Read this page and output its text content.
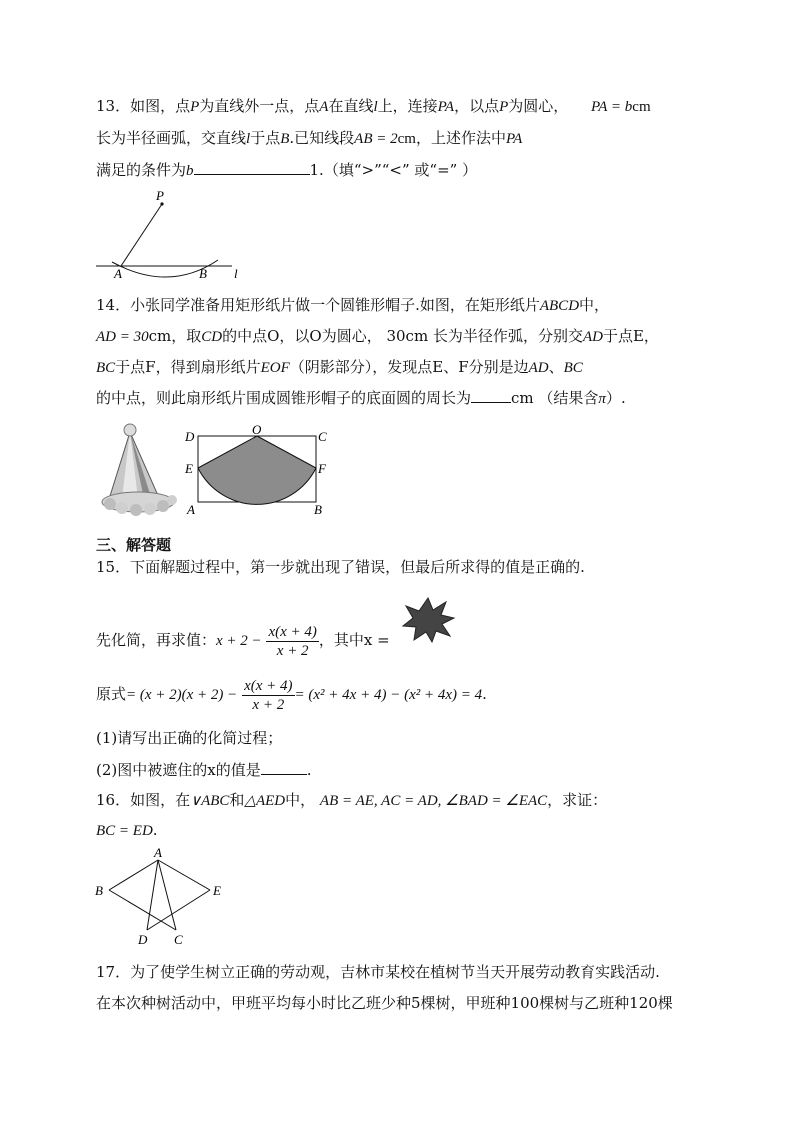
13．如图，点P为直线外一点，点A在直线l上，连接PA，以点P为圆心， PA = bcm
长为半径画弧，交直线l于点B.已知线段AB = 2cm，上述作法中PA
满足的条件为b	1.（填“>”“<” 或“=” ）
P
A	B l
14．小张同学准备用矩形纸片做一个圆锥形帽子.如图，在矩形纸片ABCD中，
AD = 30cm，取CD的中点O，以O为圆心， 30cm 长为半径作弧，分别交AD于点E，
BC于点F，得到扇形纸片EOF（阴影部分），发现点E、F分别是边AD、BC
的中点，则此扇形纸片围成圆锥形帽子的底面圆的周长为	cm （结果含π）.
D	O	C
E	F
A	B
三、解答题
15．下面解题过程中，第一步就出现了错误，但最后所求得的值是正确的.
先化简，再求值：$x + 2 - \frac{x(x + 4)}{x + 2}$ ，其中x =
原式= $(x + 2)(x + 2) - \frac{x(x + 4)}{x + 2} = (x^2 + 4x + 4) - (x^2 + 4x) = 4$.
(1)请写出正确的化简过程；
(2)图中被遮住的x的值是	.
16．如图，在∨ABC和△AED中， AB = AE, AC = AD, ∠BAD = ∠EAC，求证：
BC = ED.
A
B	E
D C
17．为了使学生树立正确的劳动观，吉林市某校在植树节当天开展劳动教育实践活动.
在本次种树活动中，甲班平均每小时比乙班少种5棵树，甲班种100棵树与乙班种120棵
